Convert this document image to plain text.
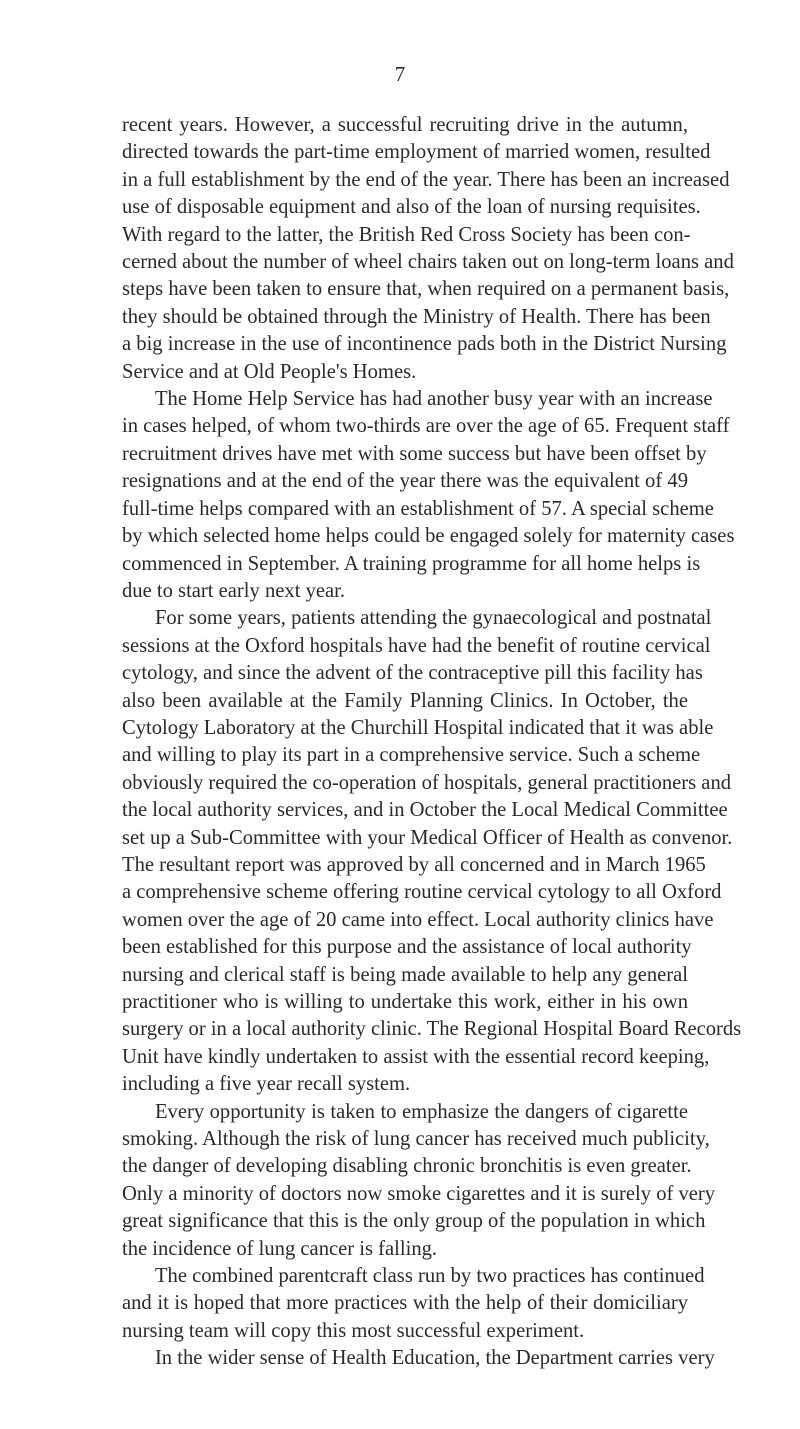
7
recent years. However, a successful recruiting drive in the autumn,
directed towards the part-time employment of married women, resulted
in a full establishment by the end of the year. There has been an increased
use of disposable equipment and also of the loan of nursing requisites.
With regard to the latter, the British Red Cross Society has been con-
cerned about the number of wheel chairs taken out on long-term loans and
steps have been taken to ensure that, when required on a permanent basis,
they should be obtained through the Ministry of Health. There has been
a big increase in the use of incontinence pads both in the District Nursing
Service and at Old People's Homes.
The Home Help Service has had another busy year with an increase
in cases helped, of whom two-thirds are over the age of 65. Frequent staff
recruitment drives have met with some success but have been offset by
resignations and at the end of the year there was the equivalent of 49
full-time helps compared with an establishment of 57. A special scheme
by which selected home helps could be engaged solely for maternity cases
commenced in September. A training programme for all home helps is
due to start early next year.
For some years, patients attending the gynaecological and postnatal
sessions at the Oxford hospitals have had the benefit of routine cervical
cytology, and since the advent of the contraceptive pill this facility has
also been available at the Family Planning Clinics. In October, the
Cytology Laboratory at the Churchill Hospital indicated that it was able
and willing to play its part in a comprehensive service. Such a scheme
obviously required the co-operation of hospitals, general practitioners and
the local authority services, and in October the Local Medical Committee
set up a Sub-Committee with your Medical Officer of Health as convenor.
The resultant report was approved by all concerned and in March 1965
a comprehensive scheme offering routine cervical cytology to all Oxford
women over the age of 20 came into effect. Local authority clinics have
been established for this purpose and the assistance of local authority
nursing and clerical staff is being made available to help any general
practitioner who is willing to undertake this work, either in his own
surgery or in a local authority clinic. The Regional Hospital Board Records
Unit have kindly undertaken to assist with the essential record keeping,
including a five year recall system.
Every opportunity is taken to emphasize the dangers of cigarette
smoking. Although the risk of lung cancer has received much publicity,
the danger of developing disabling chronic bronchitis is even greater.
Only a minority of doctors now smoke cigarettes and it is surely of very
great significance that this is the only group of the population in which
the incidence of lung cancer is falling.
The combined parentcraft class run by two practices has continued
and it is hoped that more practices with the help of their domiciliary
nursing team will copy this most successful experiment.
In the wider sense of Health Education, the Department carries very
